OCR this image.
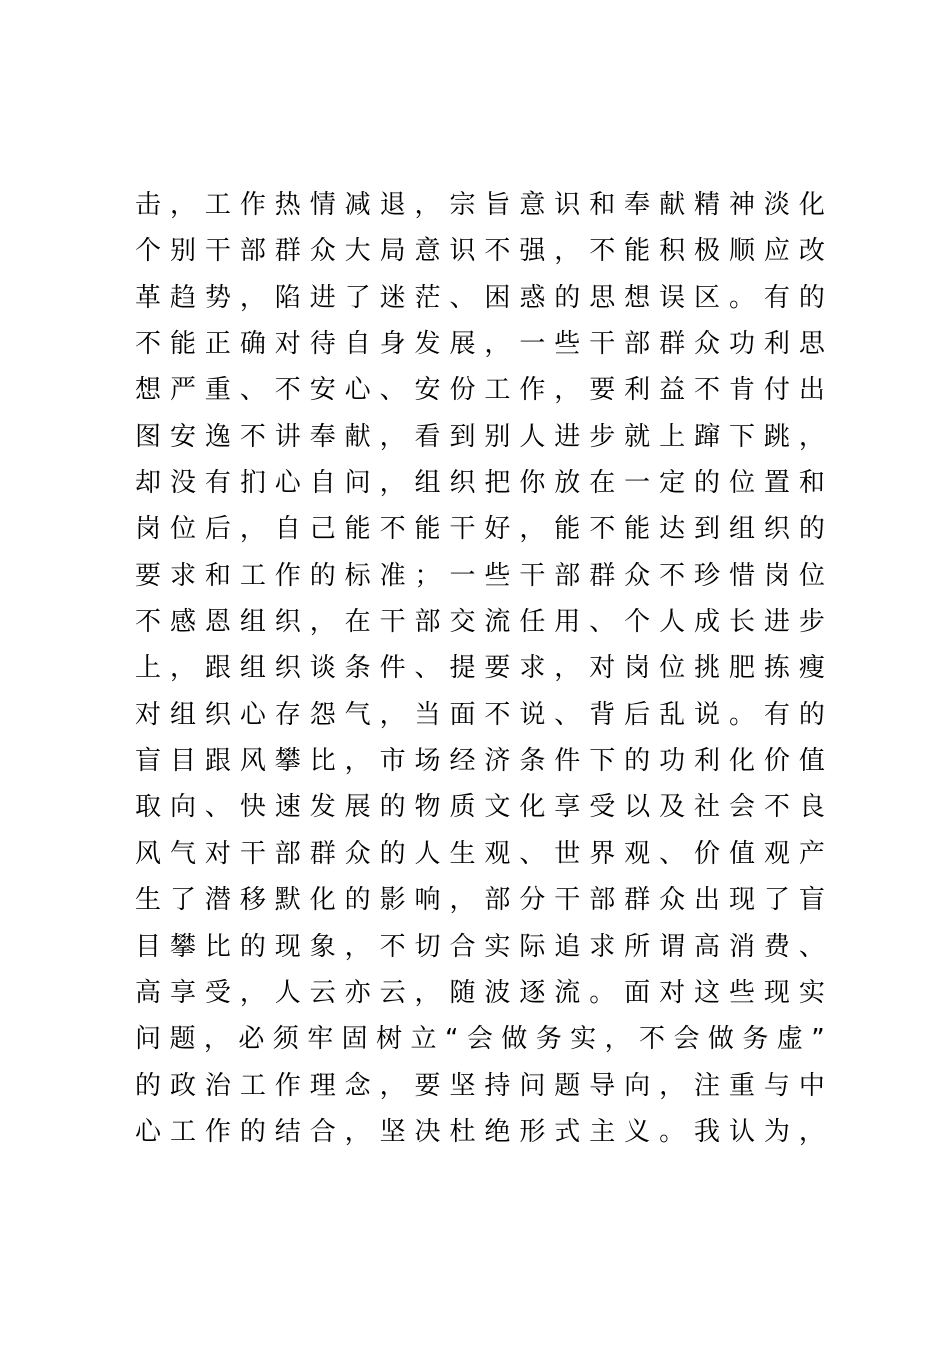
击 ， 工 作 热 情 减 退 ， 宗 旨 意 识 和 奉 献 精 神 淡 化
个 别 干 部 群 众 大 局 意 识 不 强 ， 不 能 积 极 顺 应 改
革 趋 势 ， 陷 进 了 迷 茫 、 困 惑 的 思 想 误 区 。 有 的
不 能 正 确 对 待 自 身 发 展 ， 一 些 干 部 群 众 功 利 思
想 严 重 、 不 安 心 、 安 份 工 作 ， 要 利 益 不 肯 付 出
图 安 逸 不 讲 奉 献 ， 看 到 别 人 进 步 就 上 蹿 下 跳 ，
却 没 有 扪 心 自 问 ， 组 织 把 你 放 在 一 定 的 位 置 和
岗 位 后 ， 自 己 能 不 能 干 好 ， 能 不 能 达 到 组 织 的
要 求 和 工 作 的 标 准 ； 一 些 干 部 群 众 不 珍 惜 岗 位
不 感 恩 组 织 ， 在 干 部 交 流 任 用 、 个 人 成 长 进 步
上 ， 跟 组 织 谈 条 件 、 提 要 求 ， 对 岗 位 挑 肥 拣 瘦
对 组 织 心 存 怨 气 ， 当 面 不 说 、 背 后 乱 说 。 有 的
盲 目 跟 风 攀 比 ， 市 场 经 济 条 件 下 的 功 利 化 价 值
取 向 、 快 速 发 展 的 物 质 文 化 享 受 以 及 社 会 不 良
风 气 对 干 部 群 众 的 人 生 观 、 世 界 观 、 价 值 观 产
生 了 潜 移 默 化 的 影 响 ， 部 分 干 部 群 众 出 现 了 盲
目 攀 比 的 现 象 ， 不 切 合 实 际 追 求 所 谓 高 消 费 、
高 享 受 ， 人 云 亦 云 ， 随 波 逐 流 。 面 对 这 些 现 实
问 题 ， 必 须 牢 固 树 立 “ 会 做 务 实 ， 不 会 做 务 虚 ”
的 政 治 工 作 理 念 ， 要 坚 持 问 题 导 向 ， 注 重 与 中
心 工 作 的 结 合 ， 坚 决 杜 绝 形 式 主 义 。 我 认 为 ，
